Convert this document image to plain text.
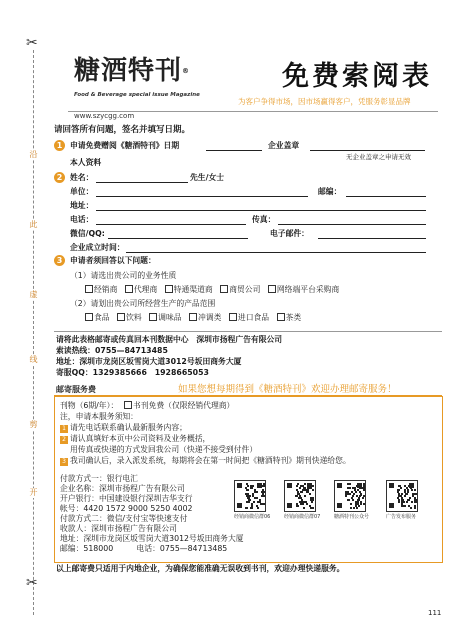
✂
✂
沿
此
虚
线
剪
开
糖酒特刊®
Food & Beverage special issue Magazine
www.szycgg.com
免费索阅表
为客户争得市场，因市场赢得客户，凭服务彰显品牌
请回答所有问题，签名并填写日期。
1 申请免费赠阅《糖酒特刊》日期	企业盖章
无企业盖章之申请无效
本人资料
2 姓名：	先生/女士
单位：	邮编：
地址：
电话：	传真：
微信/QQ:	电子邮件：
企业成立时间：
3 申请者须回答以下问题：
（1）请选出贵公司的业务性质
经销商 代理商 特通渠道商 商贸公司 网络端平台采购商
（2）请划出贵公司所经营生产的产品范围
食品 饮料 调味品 冲调类 进口食品 茶类
请将此表格邮寄或传真回本刊数据中心　深圳市扬程广告有限公司
索读热线：0755—84713485
地址：深圳市龙岗区坂雪岗大道3012号坂田商务大厦
寄服QQ：1329385666　1928665053
邮寄服务费	如果您想每期得到《糖酒特刊》欢迎办理邮寄服务！
刊物（6期/年）：	书刊免费（仅限经销代理商）
注，申请本服务须知：
1 请先电话联系确认最新服务内容；
2 请认真填好本页中公司资料及业务概括，
用传真或快递的方式发回我公司（快递不接受到付件）
3 我司确认后，录入派发系统，每期将会在第一时间把《糖酒特刊》期刊快递给您。
付款方式一：银行电汇
企业名称：深圳市扬程广告有限公司
开户银行：中国建设银行深圳吉华支行
帐号：4420 1572 9000 5250 4002
付款方式二：微信/支付宝等快速支付
收款人：深圳市扬程广告有限公司
地址：深圳市龙岗区坂雪岗大道3012号坂田商务大厦
邮编：518000　　　电话：0755—84713485
经销商微信群06	经销商微信群07	糖酒特刊公众号	广告发布服务
以上邮寄费只适用于内地企业，为确保您能准确无误收到书刊，欢迎办理快递服务。
111
